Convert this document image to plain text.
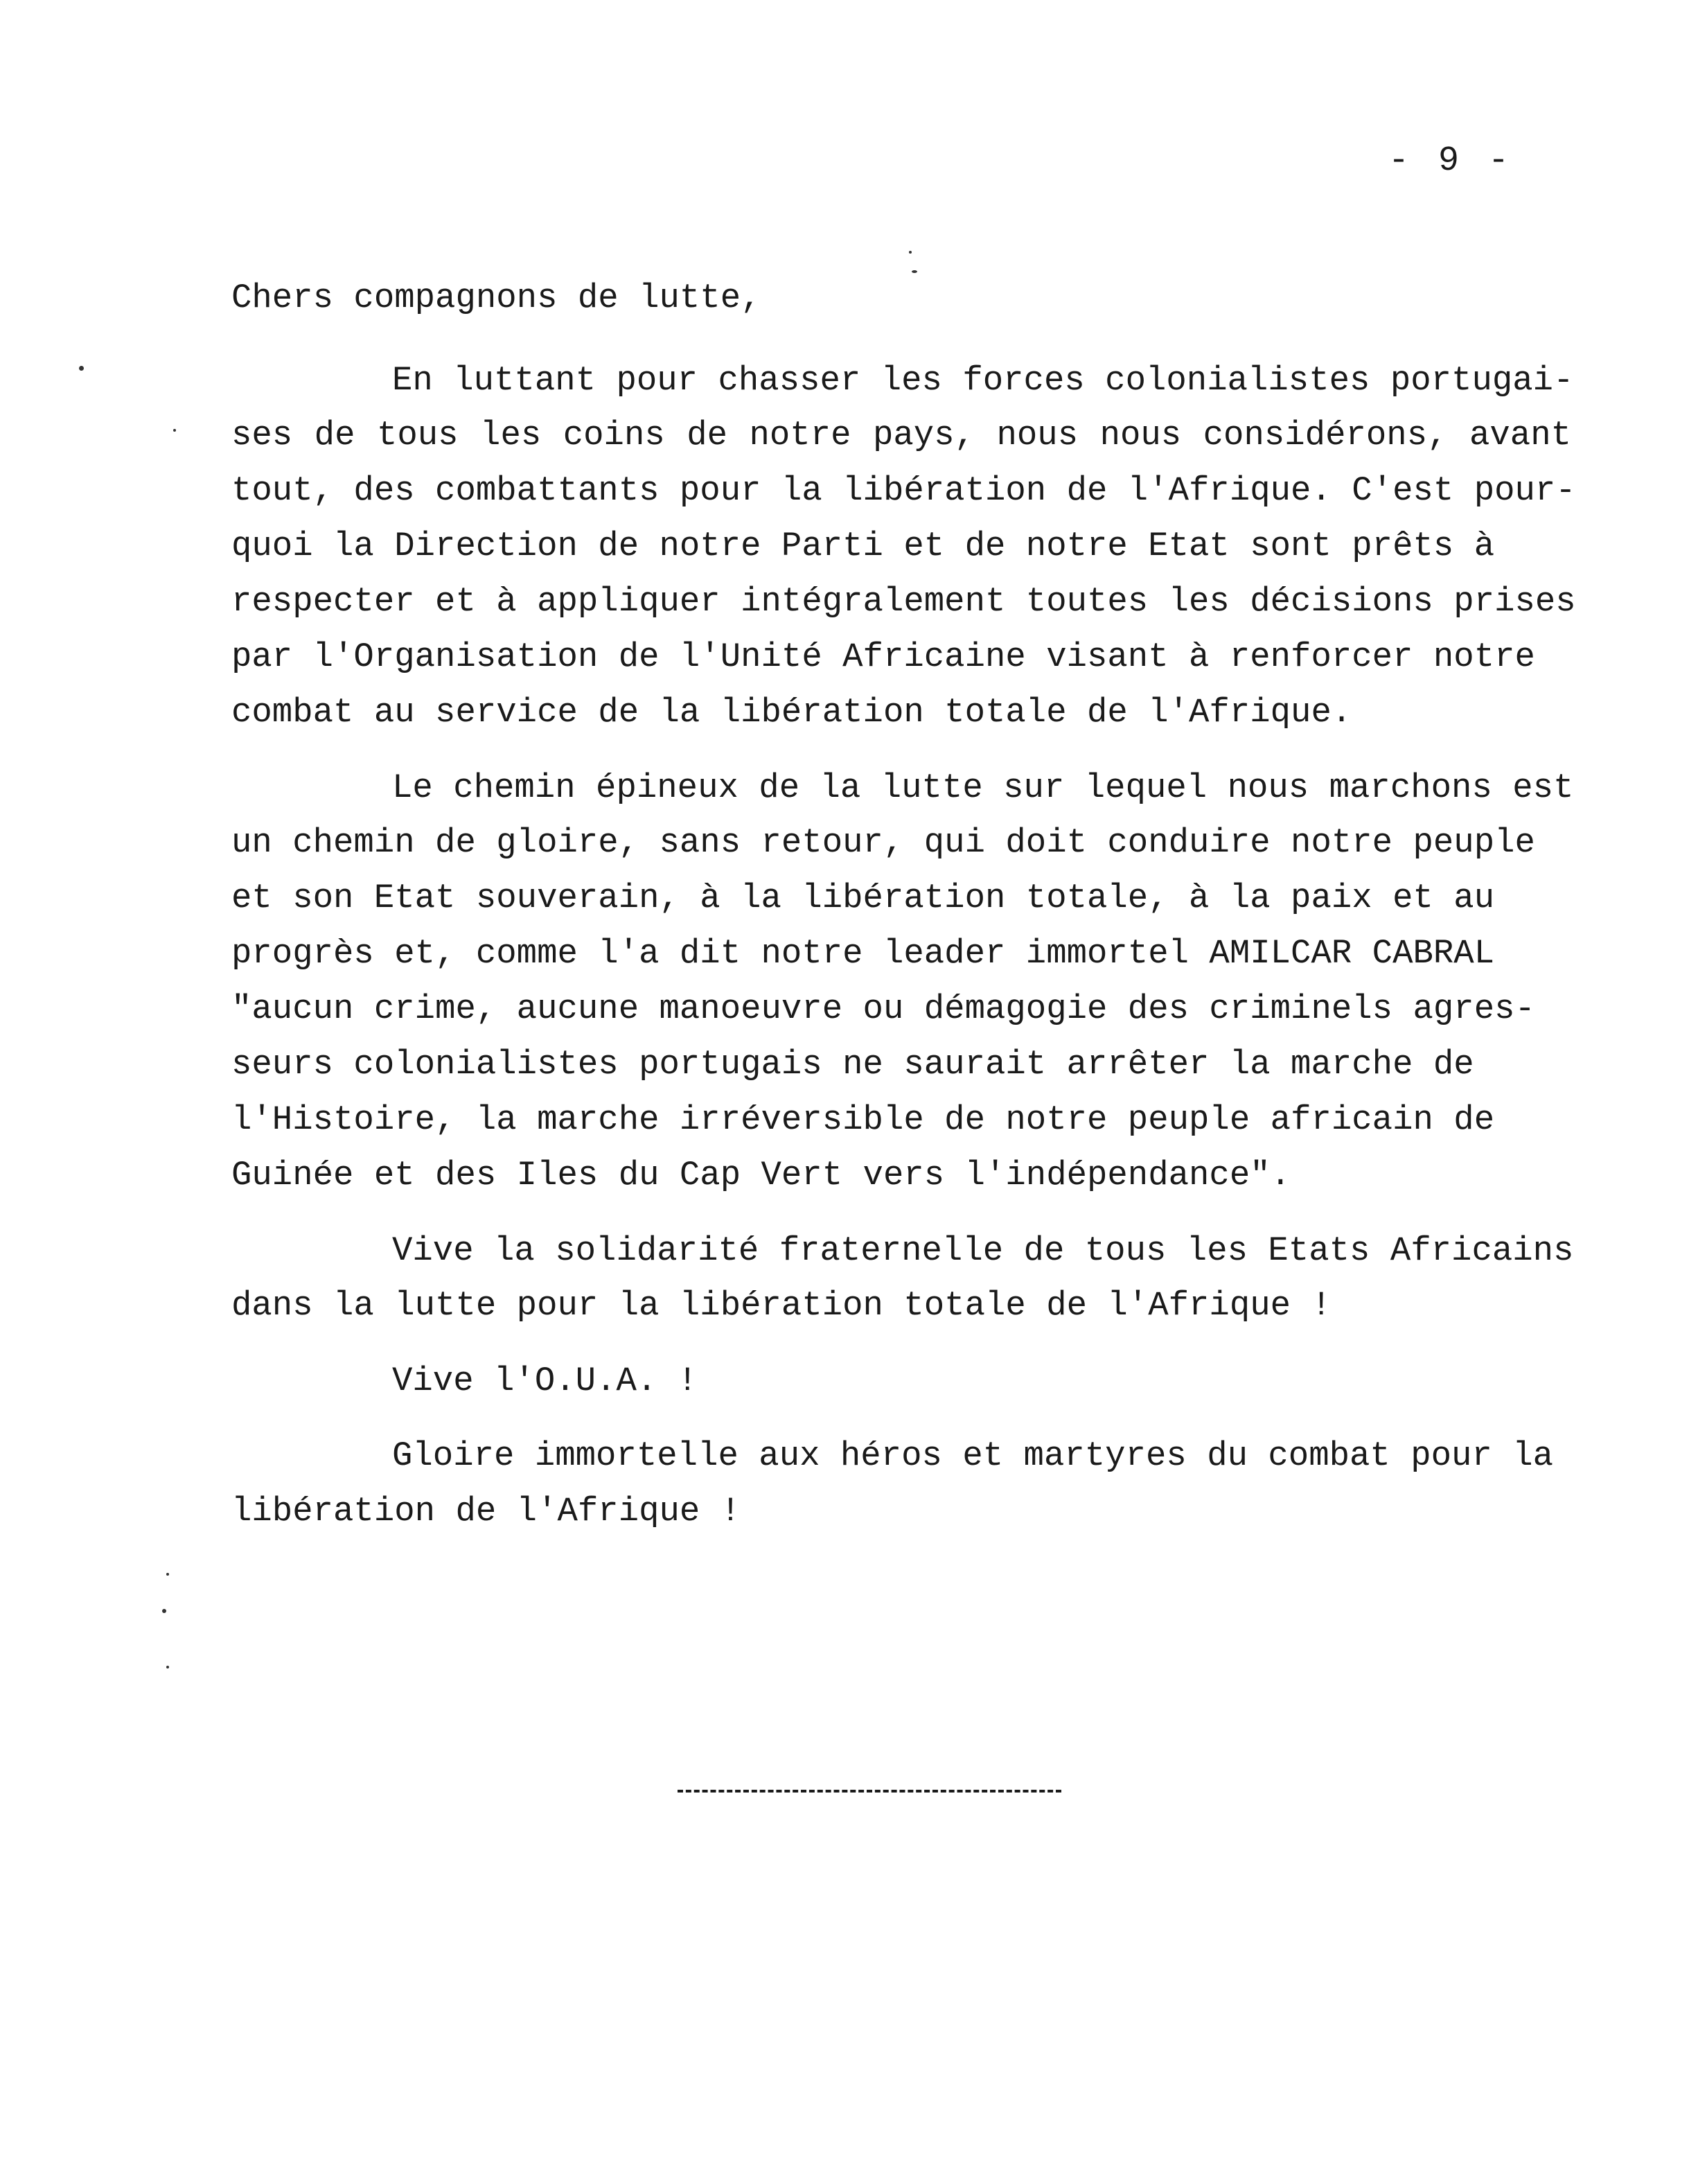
- 9 -
Chers compagnons de lutte,
En luttant pour chasser les forces colonialistes portugai-
ses de tous les coins de notre pays, nous nous considérons, avant
tout, des combattants pour la libération de l'Afrique. C'est pour-
quoi la Direction de notre Parti et de notre Etat sont prêts à
respecter et à appliquer intégralement toutes les décisions prises
par l'Organisation de l'Unité Africaine visant à renforcer notre
combat au service de la libération totale de l'Afrique.
Le chemin épineux de la lutte sur lequel nous marchons est
un chemin de gloire, sans retour, qui doit conduire notre peuple
et son Etat souverain, à la libération totale, à la paix et au
progrès et, comme l'a dit notre leader immortel AMILCAR CABRAL
"aucun crime, aucune manoeuvre ou démagogie des criminels agres-
seurs colonialistes portugais ne saurait arrêter la marche de
l'Histoire, la marche irréversible de notre peuple africain de
Guinée et des Iles du Cap Vert vers l'indépendance".
Vive la solidarité fraternelle de tous les Etats Africains
dans la lutte pour la libération totale de l'Afrique !
Vive l'O.U.A. !
Gloire immortelle aux héros et martyres du combat pour la
libération de l'Afrique !
